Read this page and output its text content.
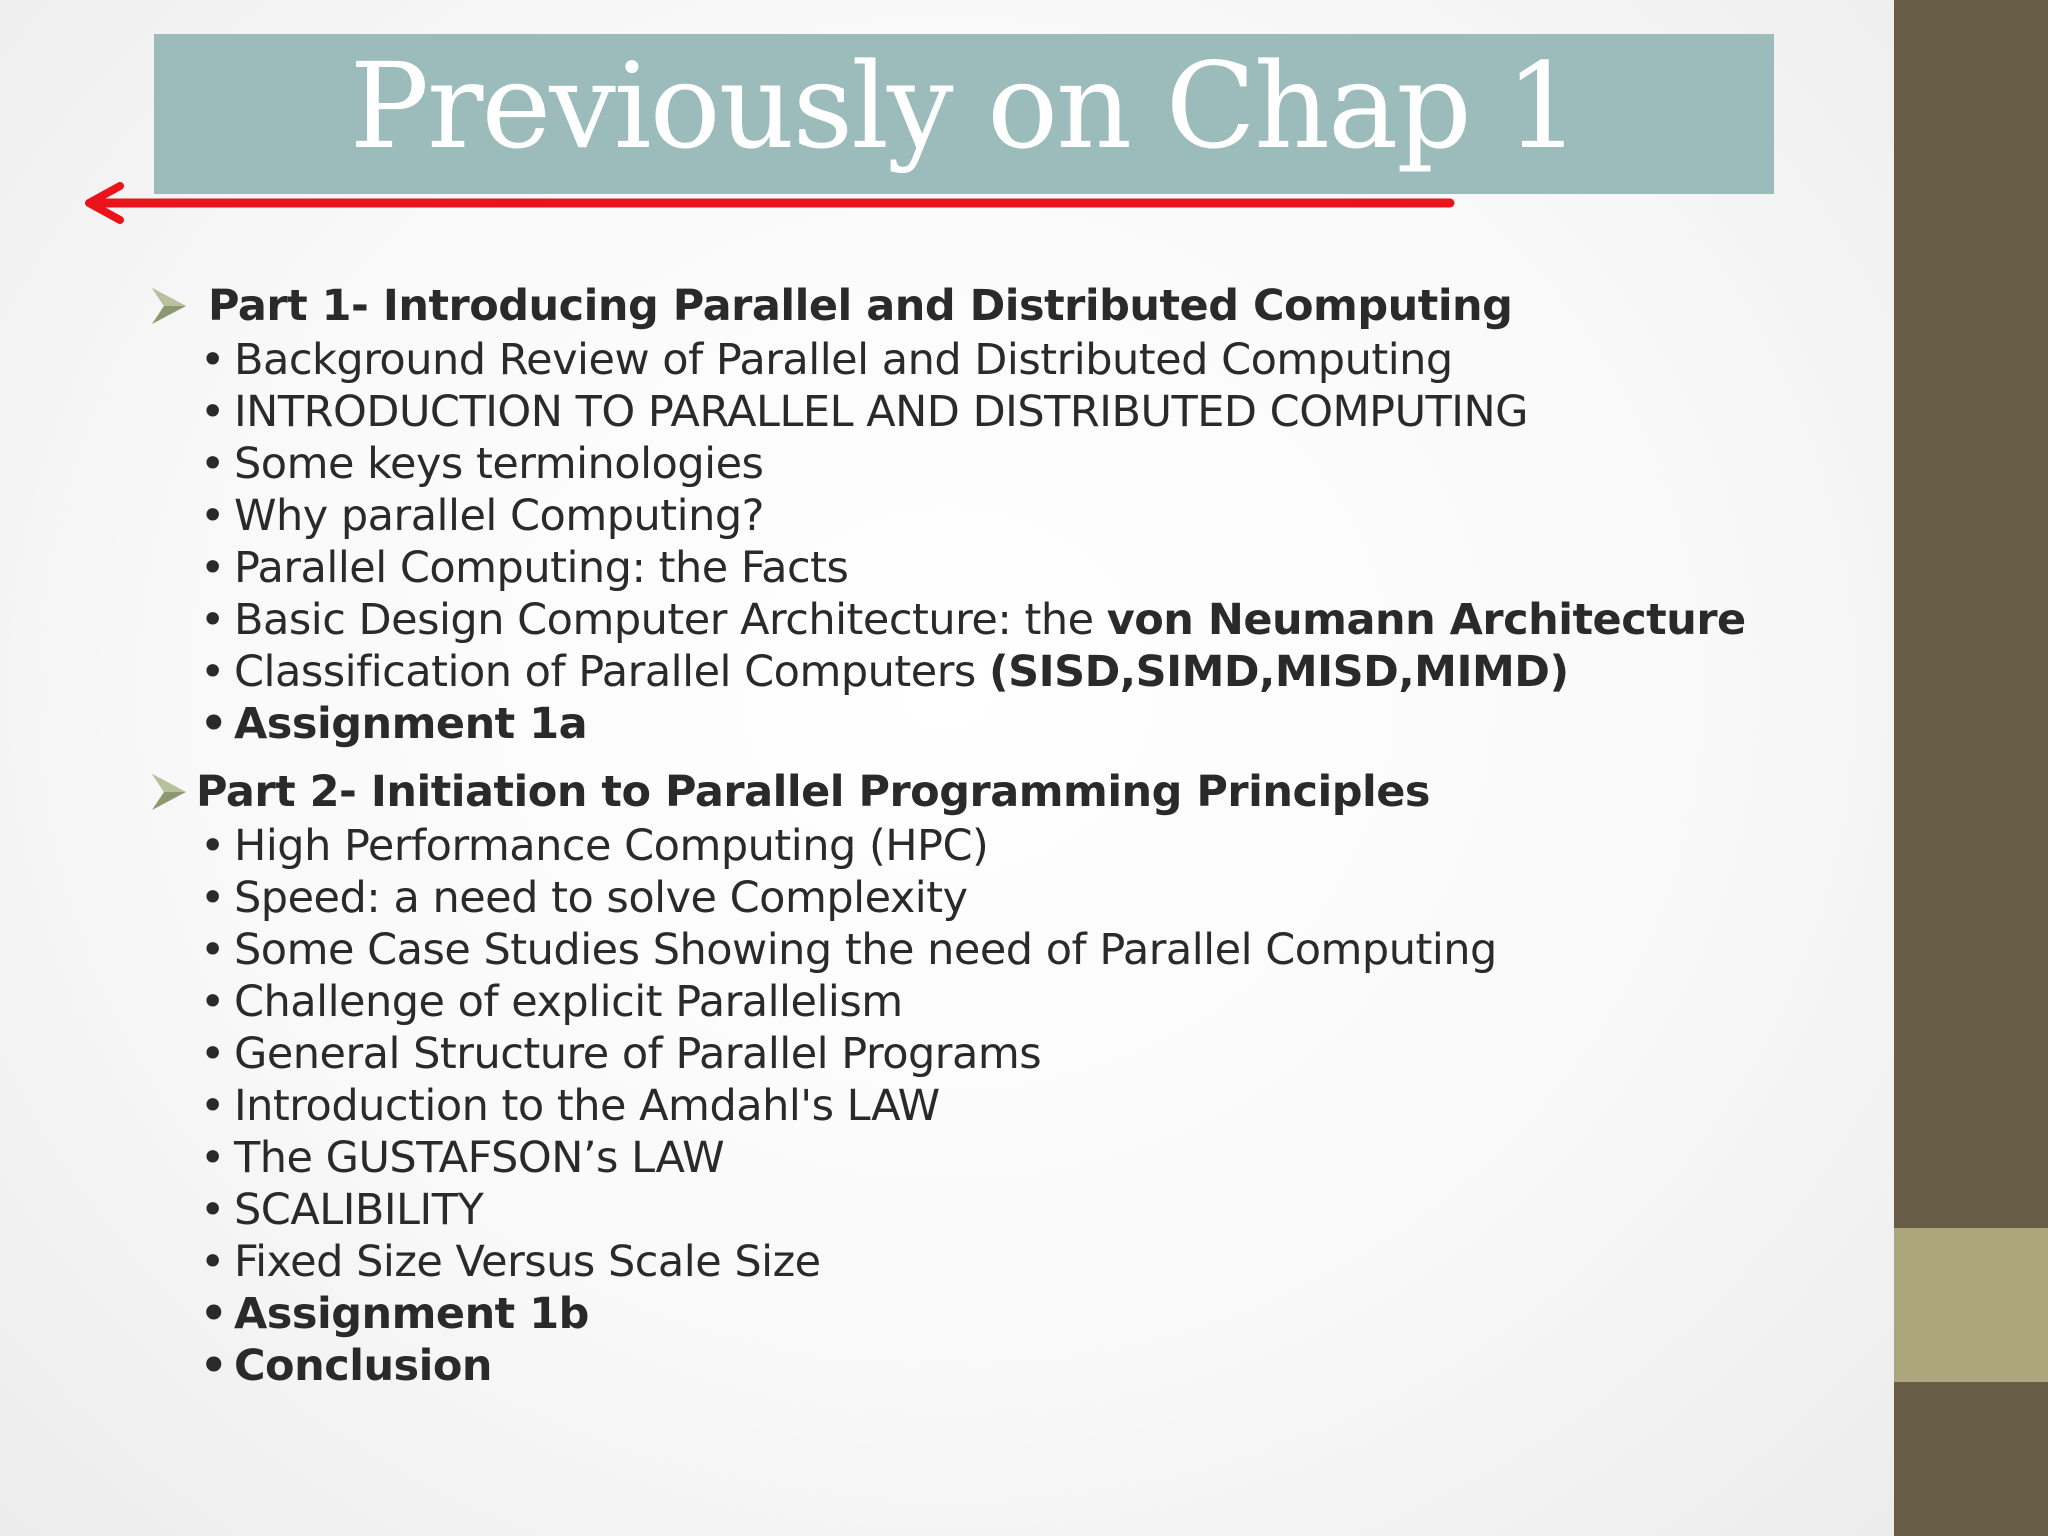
Previously on Chap 1
Part 1- Introducing Parallel and Distributed Computing
• Background Review of Parallel and Distributed Computing
• INTRODUCTION TO PARALLEL AND DISTRIBUTED COMPUTING
• Some keys terminologies
• Why parallel Computing?
• Parallel Computing: the Facts
• Basic Design Computer Architecture: the von Neumann Architecture
• Classification of Parallel Computers (SISD,SIMD,MISD,MIMD)
• Assignment 1a
Part 2- Initiation to Parallel Programming Principles
• High Performance Computing (HPC)
• Speed: a need to solve Complexity
• Some Case Studies Showing the need of Parallel Computing
• Challenge of explicit Parallelism
• General Structure of Parallel Programs
• Introduction to the Amdahl's LAW
• The GUSTAFSON’s LAW
• SCALIBILITY
• Fixed Size Versus Scale Size
• Assignment 1b
• Conclusion
